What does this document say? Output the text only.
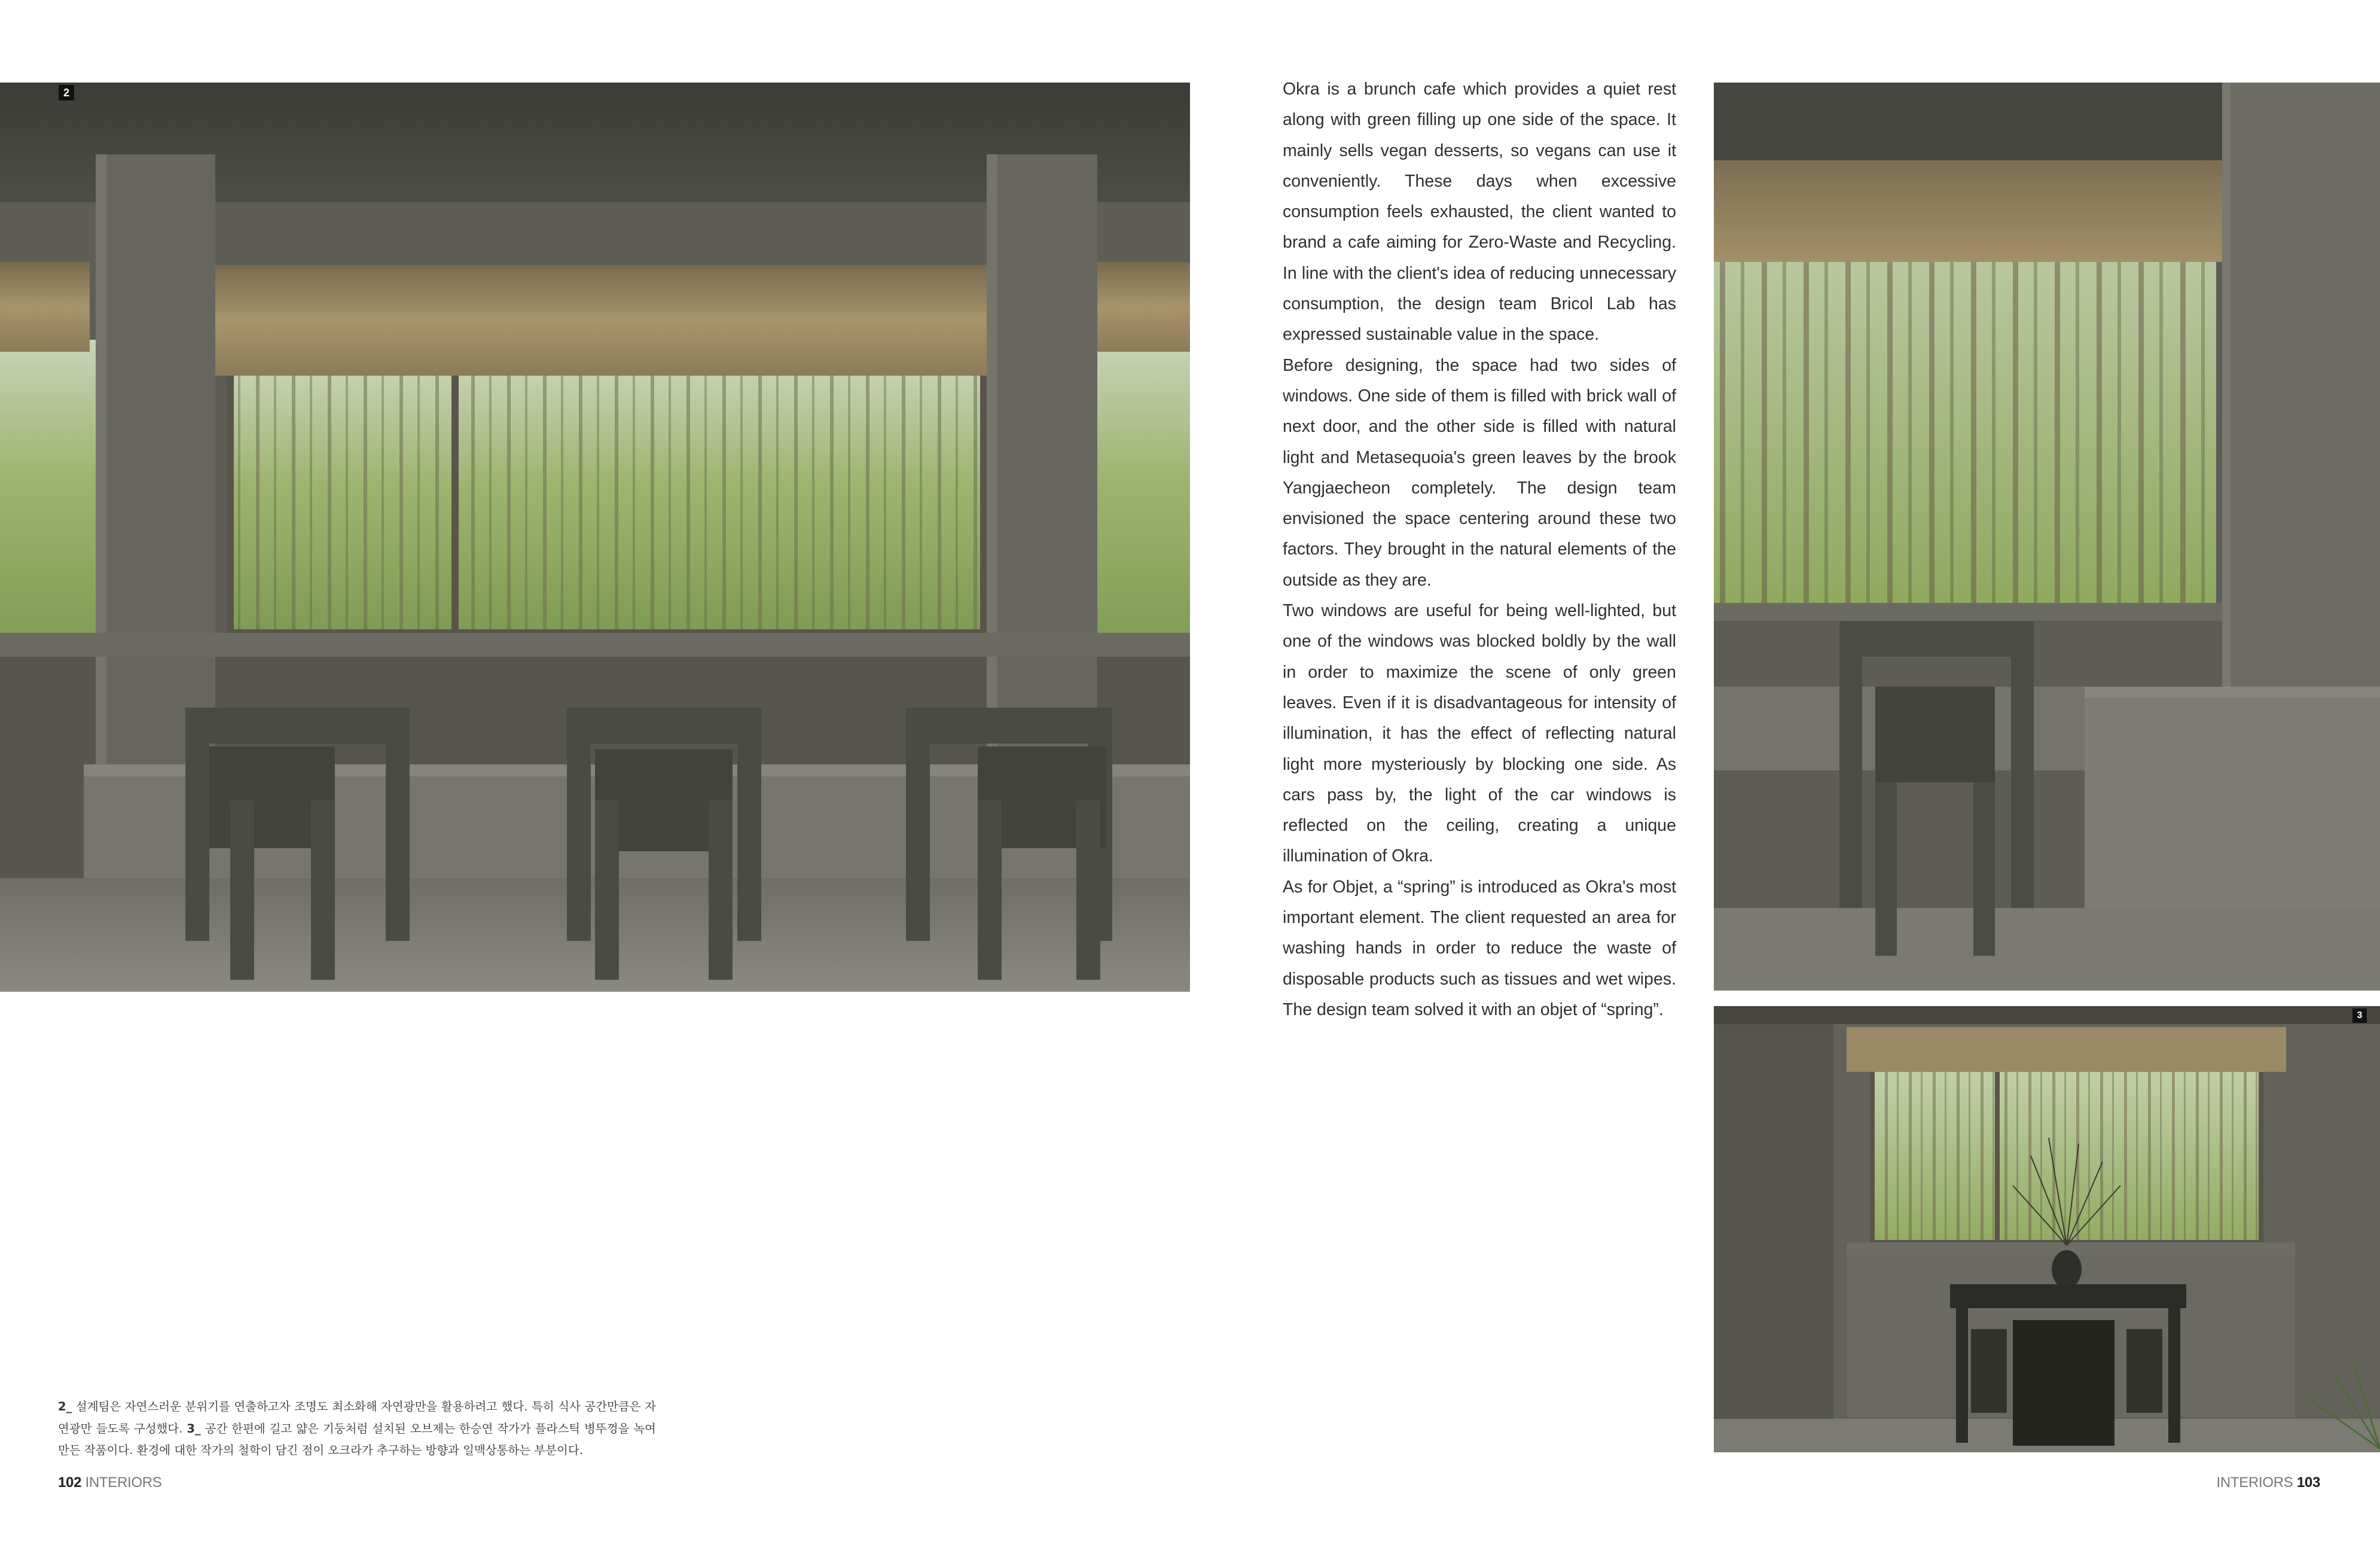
2	Okra is a brunch cafe which provides a quiet rest along with green filling up one side of the space. It mainly sells vegan desserts, so vegans can use it conveniently. These days when excessive consumption feels exhausted, the client wanted to brand a cafe aiming for Zero-Waste and Recycling. In line with the client's idea of reducing unnecessary consumption, the design team Bricol Lab has expressed sustainable value in the space.

Before designing, the space had two sides of windows. One side of them is filled with brick wall of next door, and the other side is filled with natural light and Metasequoia's green leaves by the brook Yangjaecheon completely. The design team envisioned the space centering around these two factors. They brought in the natural elements of the outside as they are.

Two windows are useful for being well-lighted, but one of the windows was blocked boldly by the wall in order to maximize the scene of only green leaves. Even if it is disadvantageous for intensity of illumination, it has the effect of reflecting natural light more mysteriously by blocking one side. As cars pass by, the light of the car windows is reflected on the ceiling, creating a unique illumination of Okra.

As for Objet, a “spring” is introduced as Okra's most important element. The client requested an area for washing hands in order to reduce the waste of disposable products such as tissues and wet wipes. The design team solved it with an objet of “spring”.	3
2_ 설계팀은 자연스러운 분위기를 연출하고자 조명도 최소화해 자연광만을 활용하려고 했다. 특히 식사 공간만큼은 자연광만 들도록 구성했다. 3_ 공간 한편에 길고 얇은 기둥처럼 설치된 오브제는 한승연 작가가 플라스틱 병뚜껑을 녹여 만든 작품이다. 환경에 대한 작가의 철학이 담긴 점이 오크라가 추구하는 방향과 일맥상통하는 부분이다.
102 INTERIORS	INTERIORS 103
